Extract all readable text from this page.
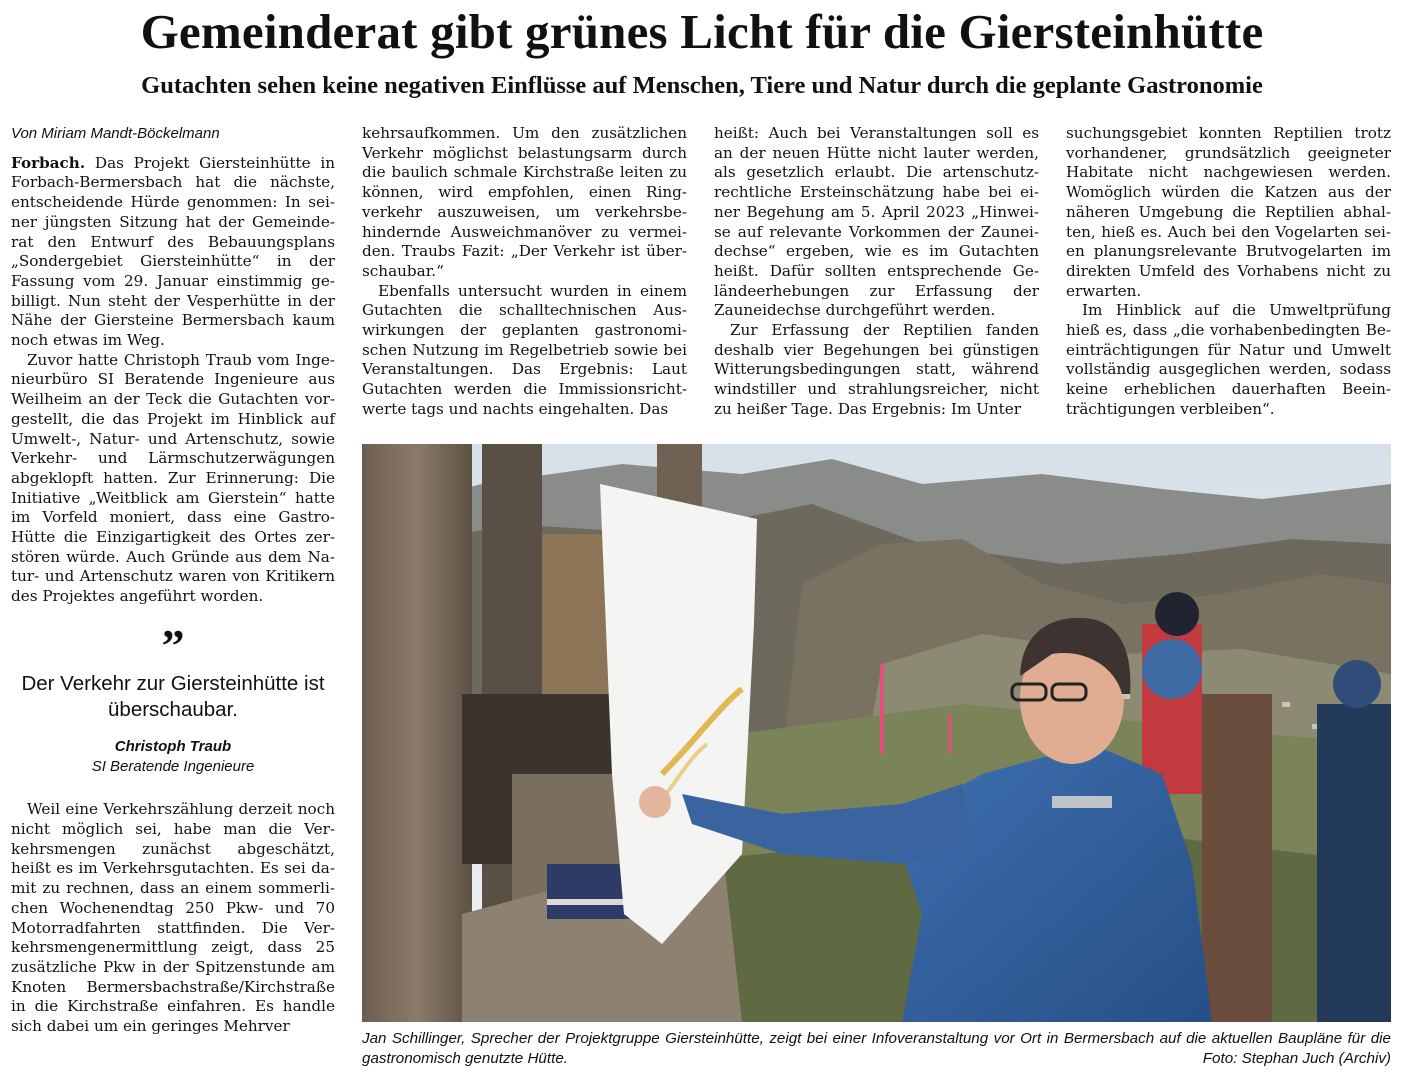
Gemeinderat gibt grünes Licht für die Giersteinhütte
Gutachten sehen keine negativen Einflüsse auf Menschen, Tiere und Natur durch die geplante Gastronomie

Von Miriam Mandt-Böckelmann

Forbach. Das Projekt Giersteinhütte in Forbach-Bermersbach hat die nächste, entscheidende Hürde genommen: In seiner jüngsten Sitzung hat der Gemeinderat den Entwurf des Bebauungsplans „Sondergebiet Giersteinhütte“ in der Fassung vom 29. Januar einstimmig gebilligt. Nun steht der Vesperhütte in der Nähe der Giersteine Bermersbach kaum noch etwas im Weg.

Zuvor hatte Christoph Traub vom Ingenieurbüro SI Beratende Ingenieure aus Weilheim an der Teck die Gutachten vorgestellt, die das Projekt im Hinblick auf Umwelt-, Natur- und Artenschutz, sowie Verkehr- und Lärmschutzerwägungen abgeklopft hatten. Zur Erinnerung: Die Initiative „Weitblick am Gierstein“ hatte im Vorfeld moniert, dass eine Gastro-Hütte die Einzigartigkeit des Ortes zerstören würde. Auch Gründe aus dem Natur- und Artenschutz waren von Kritikern des Projektes angeführt worden.

”
Der Verkehr zur Giersteinhütte ist überschaubar.
Christoph Traub
SI Beratende Ingenieure

Weil eine Verkehrszählung derzeit noch nicht möglich sei, habe man die Verkehrsmengen zunächst abgeschätzt, heißt es im Verkehrsgutachten. Es sei damit zu rechnen, dass an einem sommerlichen Wochenendtag 250 Pkw- und 70 Motorradfahrten stattfinden. Die Verkehrsmengenermittlung zeigt, dass 25 zusätzliche Pkw in der Spitzenstunde am Knoten Bermersbachstraße/Kirchstraße in die Kirchstraße einfahren. Es handle sich dabei um ein geringes Mehrver

kehrsaufkommen. Um den zusätzlichen Verkehr möglichst belastungsarm durch die baulich schmale Kirchstraße leiten zu können, wird empfohlen, einen Ringverkehr auszuweisen, um verkehrsbehindernde Ausweichmanöver zu vermeiden. Traubs Fazit: „Der Verkehr ist überschaubar.“

Ebenfalls untersucht wurden in einem Gutachten die schalltechnischen Auswirkungen der geplanten gastronomischen Nutzung im Regelbetrieb sowie bei Veranstaltungen. Das Ergebnis: Laut Gutachten werden die Immissionsrichtwerte tags und nachts eingehalten. Das

heißt: Auch bei Veranstaltungen soll es an der neuen Hütte nicht lauter werden, als gesetzlich erlaubt. Die artenschutzrechtliche Ersteinschätzung habe bei einer Begehung am 5. April 2023 „Hinweise auf relevante Vorkommen der Zauneidechse“ ergeben, wie es im Gutachten heißt. Dafür sollten entsprechende Geländeerhebungen zur Erfassung der Zauneidechse durchgeführt werden.

Zur Erfassung der Reptilien fanden deshalb vier Begehungen bei günstigen Witterungsbedingungen statt, während windstiller und strahlungsreicher, nicht zu heißer Tage. Das Ergebnis: Im Unter

suchungsgebiet konnten Reptilien trotz vorhandener, grundsätzlich geeigneter Habitate nicht nachgewiesen werden. Womöglich würden die Katzen aus der näheren Umgebung die Reptilien abhalten, hieß es. Auch bei den Vogelarten seien planungsrelevante Brutvogelarten im direkten Umfeld des Vorhabens nicht zu erwarten.

Im Hinblick auf die Umweltprüfung hieß es, dass „die vorhabenbedingten Beeinträchtigungen für Natur und Umwelt vollständig ausgeglichen werden, sodass keine erheblichen dauerhaften Beeinträchtigungen verbleiben“.

Jan Schillinger, Sprecher der Projektgruppe Giersteinhütte, zeigt bei einer Infoveranstaltung vor Ort in Bermersbach auf die aktuellen Baupläne für die gastronomisch genutzte Hütte.	Foto: Stephan Juch (Archiv)
